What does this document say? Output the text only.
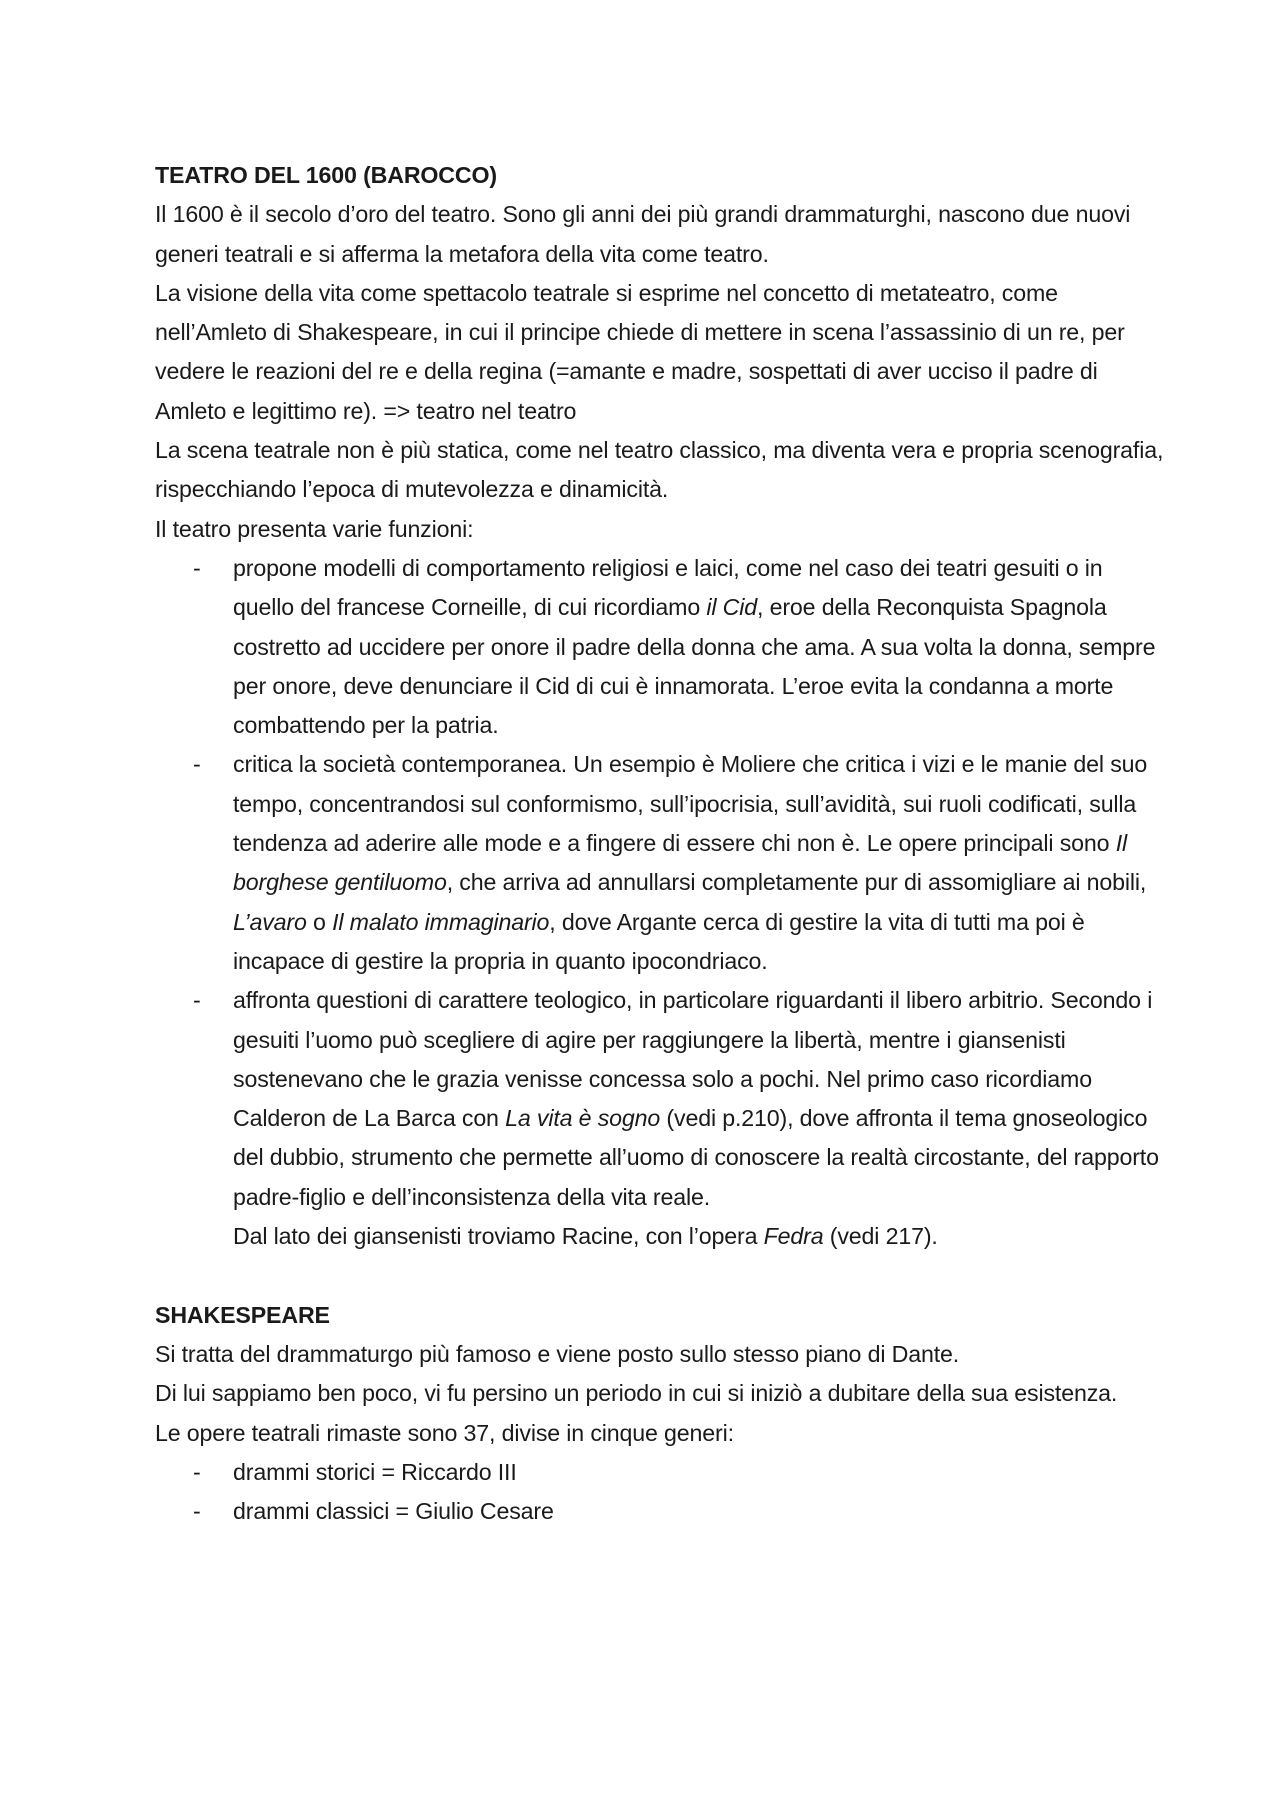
TEATRO DEL 1600 (BAROCCO)

Il 1600 è il secolo d’oro del teatro. Sono gli anni dei più grandi drammaturghi, nascono due nuovi generi teatrali e si afferma la metafora della vita come teatro.

La visione della vita come spettacolo teatrale si esprime nel concetto di metateatro, come nell’Amleto di Shakespeare, in cui il principe chiede di mettere in scena l’assassinio di un re, per vedere le reazioni del re e della regina (=amante e madre, sospettati di aver ucciso il padre di Amleto e legittimo re). => teatro nel teatro

La scena teatrale non è più statica, come nel teatro classico, ma diventa vera e propria scenografia, rispecchiando l’epoca di mutevolezza e dinamicità.

Il teatro presenta varie funzioni:

- propone modelli di comportamento religiosi e laici, come nel caso dei teatri gesuiti o in quello del francese Corneille, di cui ricordiamo il Cid, eroe della Reconquista Spagnola costretto ad uccidere per onore il padre della donna che ama. A sua volta la donna, sempre per onore, deve denunciare il Cid di cui è innamorata. L’eroe evita la condanna a morte combattendo per la patria.
- critica la società contemporanea. Un esempio è Moliere che critica i vizi e le manie del suo tempo, concentrandosi sul conformismo, sull’ipocrisia, sull’avidità, sui ruoli codificati, sulla tendenza ad aderire alle mode e a fingere di essere chi non è. Le opere principali sono Il borghese gentiluomo, che arriva ad annullarsi completamente pur di assomigliare ai nobili, L’avaro o Il malato immaginario, dove Argante cerca di gestire la vita di tutti ma poi è incapace di gestire la propria in quanto ipocondriaco.
- affronta questioni di carattere teologico, in particolare riguardanti il libero arbitrio. Secondo i gesuiti l’uomo può scegliere di agire per raggiungere la libertà, mentre i giansenisti sostenevano che le grazia venisse concessa solo a pochi. Nel primo caso ricordiamo Calderon de La Barca con La vita è sogno (vedi p.210), dove affronta il tema gnoseologico del dubbio, strumento che permette all’uomo di conoscere la realtà circostante, del rapporto padre-figlio e dell’inconsistenza della vita reale.

Dal lato dei giansenisti troviamo Racine, con l’opera Fedra (vedi 217).

SHAKESPEARE

Si tratta del drammaturgo più famoso e viene posto sullo stesso piano di Dante.

Di lui sappiamo ben poco, vi fu persino un periodo in cui si iniziò a dubitare della sua esistenza.

Le opere teatrali rimaste sono 37, divise in cinque generi:

- drammi storici = Riccardo III
- drammi classici = Giulio Cesare
